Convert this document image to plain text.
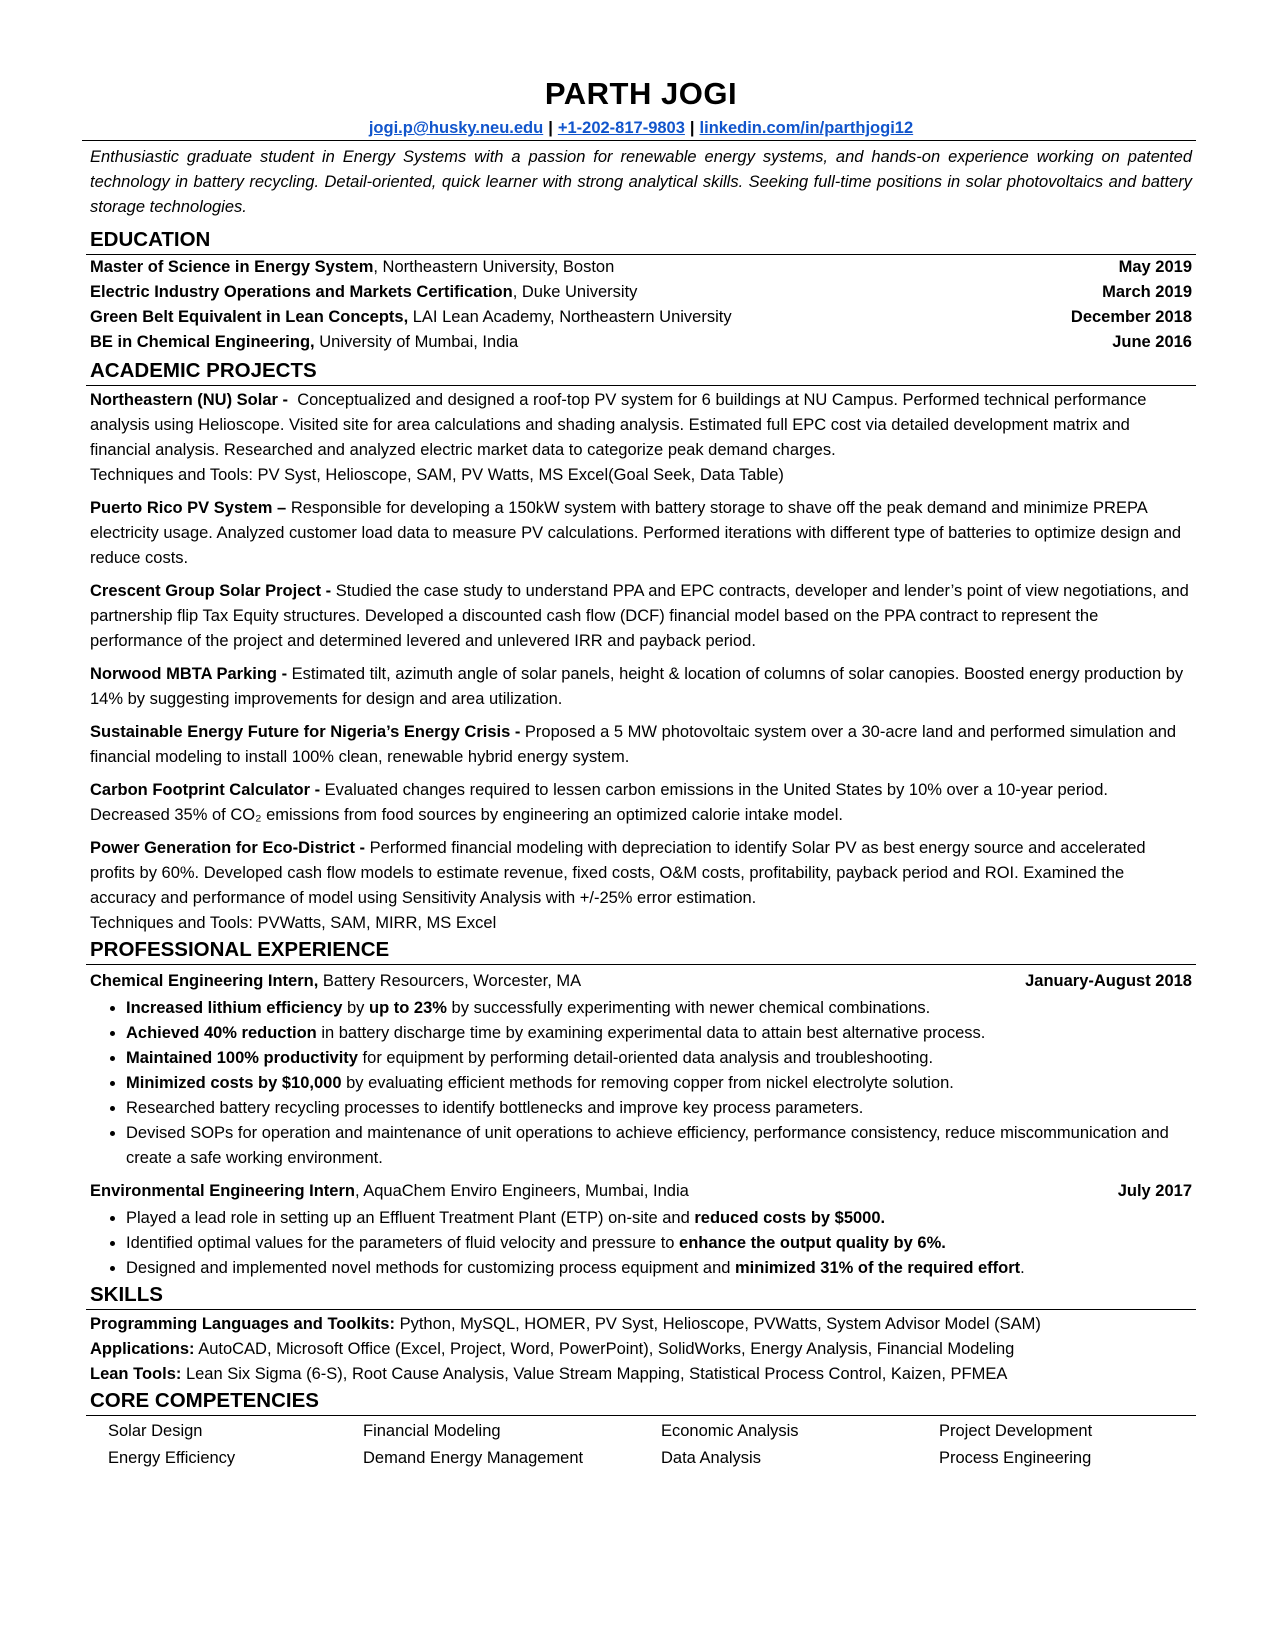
PARTH JOGI
jogi.p@husky.neu.edu | +1-202-817-9803 | linkedin.com/in/parthjogi12
Enthusiastic graduate student in Energy Systems with a passion for renewable energy systems, and hands-on experience working on patented technology in battery recycling. Detail-oriented, quick learner with strong analytical skills. Seeking full-time positions in solar photovoltaics and battery storage technologies.
EDUCATION
Master of Science in Energy System, Northeastern University, Boston	May 2019
Electric Industry Operations and Markets Certification, Duke University	March 2019
Green Belt Equivalent in Lean Concepts, LAI Lean Academy, Northeastern University	December 2018
BE in Chemical Engineering, University of Mumbai, India	June 2016
ACADEMIC PROJECTS
Northeastern (NU) Solar -  Conceptualized and designed a roof-top PV system for 6 buildings at NU Campus. Performed technical performance analysis using Helioscope. Visited site for area calculations and shading analysis. Estimated full EPC cost via detailed development matrix and financial analysis. Researched and analyzed electric market data to categorize peak demand charges.
Techniques and Tools: PV Syst, Helioscope, SAM, PV Watts, MS Excel(Goal Seek, Data Table)
Puerto Rico PV System – Responsible for developing a 150kW system with battery storage to shave off the peak demand and minimize PREPA electricity usage. Analyzed customer load data to measure PV calculations. Performed iterations with different type of batteries to optimize design and reduce costs.
Crescent Group Solar Project - Studied the case study to understand PPA and EPC contracts, developer and lender’s point of view negotiations, and partnership flip Tax Equity structures. Developed a discounted cash flow (DCF) financial model based on the PPA contract to represent the performance of the project and determined levered and unlevered IRR and payback period.
Norwood MBTA Parking - Estimated tilt, azimuth angle of solar panels, height & location of columns of solar canopies. Boosted energy production by 14% by suggesting improvements for design and area utilization.
Sustainable Energy Future for Nigeria’s Energy Crisis - Proposed a 5 MW photovoltaic system over a 30-acre land and performed simulation and financial modeling to install 100% clean, renewable hybrid energy system.
Carbon Footprint Calculator - Evaluated changes required to lessen carbon emissions in the United States by 10% over a 10-year period. Decreased 35% of CO₂ emissions from food sources by engineering an optimized calorie intake model.
Power Generation for Eco-District - Performed financial modeling with depreciation to identify Solar PV as best energy source and accelerated profits by 60%. Developed cash flow models to estimate revenue, fixed costs, O&M costs, profitability, payback period and ROI. Examined the accuracy and performance of model using Sensitivity Analysis with +/-25% error estimation.
Techniques and Tools: PVWatts, SAM, MIRR, MS Excel
PROFESSIONAL EXPERIENCE
Chemical Engineering Intern, Battery Resourcers, Worcester, MA	January-August 2018
• Increased lithium efficiency by up to 23% by successfully experimenting with newer chemical combinations.
• Achieved 40% reduction in battery discharge time by examining experimental data to attain best alternative process.
• Maintained 100% productivity for equipment by performing detail-oriented data analysis and troubleshooting.
• Minimized costs by $10,000 by evaluating efficient methods for removing copper from nickel electrolyte solution.
• Researched battery recycling processes to identify bottlenecks and improve key process parameters.
• Devised SOPs for operation and maintenance of unit operations to achieve efficiency, performance consistency, reduce miscommunication and create a safe working environment.
Environmental Engineering Intern, AquaChem Enviro Engineers, Mumbai, India	July 2017
• Played a lead role in setting up an Effluent Treatment Plant (ETP) on-site and reduced costs by $5000.
• Identified optimal values for the parameters of fluid velocity and pressure to enhance the output quality by 6%.
• Designed and implemented novel methods for customizing process equipment and minimized 31% of the required effort.
SKILLS
Programming Languages and Toolkits: Python, MySQL, HOMER, PV Syst, Helioscope, PVWatts, System Advisor Model (SAM)
Applications: AutoCAD, Microsoft Office (Excel, Project, Word, PowerPoint), SolidWorks, Energy Analysis, Financial Modeling
Lean Tools: Lean Six Sigma (6-S), Root Cause Analysis, Value Stream Mapping, Statistical Process Control, Kaizen, PFMEA
CORE COMPETENCIES
Solar Design	Financial Modeling	Economic Analysis	Project Development
Energy Efficiency	Demand Energy Management	Data Analysis	Process Engineering
